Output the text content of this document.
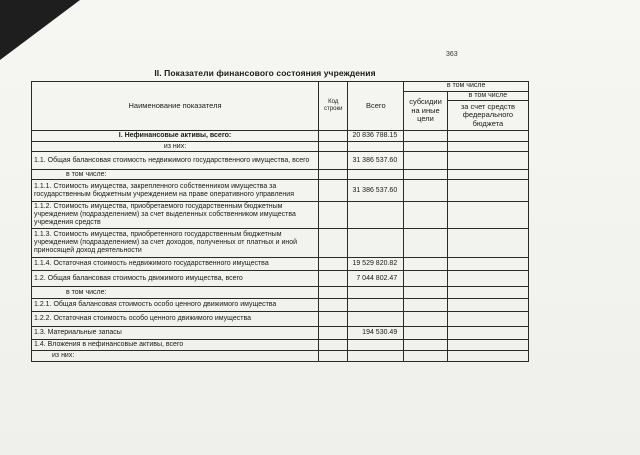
363
II. Показатели финансового состояния учреждения
Наименование показателя	Код строки	Всего	в том числе	
			субсидии на иные цели	в том числе
				за счет средств федерального бюджета
I. Нефинансовые активы, всего:		20 836 788.15		
из них:				
1.1. Общая балансовая стоимость недвижимого государственного имущества, всего		31 386 537.60		
в том числе:				
1.1.1. Стоимость имущества, закрепленного собственником имущества за государственным бюджетным учреждением на праве оперативного управления		31 386 537.60		
1.1.2. Стоимость имущества, приобретаемого государственным бюджетным учреждением (подразделением) за счет выделенных собственником имущества учреждения средств				
1.1.3. Стоимость имущества, приобретенного государственным бюджетным учреждением (подразделением) за счет доходов, полученных от платных и иной приносящей доход деятельности				
1.1.4. Остаточная стоимость недвижимого государственного имущества		19 529 820.82		
1.2. Общая балансовая стоимость движимого имущества, всего		7 044 802.47		
в том числе:				
1.2.1. Общая балансовая стоимость особо ценного движимого имущества				
1.2.2. Остаточная стоимость особо ценного движимого имущества				
1.3. Материальные запасы		194 530.49		
1.4. Вложения в нефинансовые активы, всего				
из них:				
